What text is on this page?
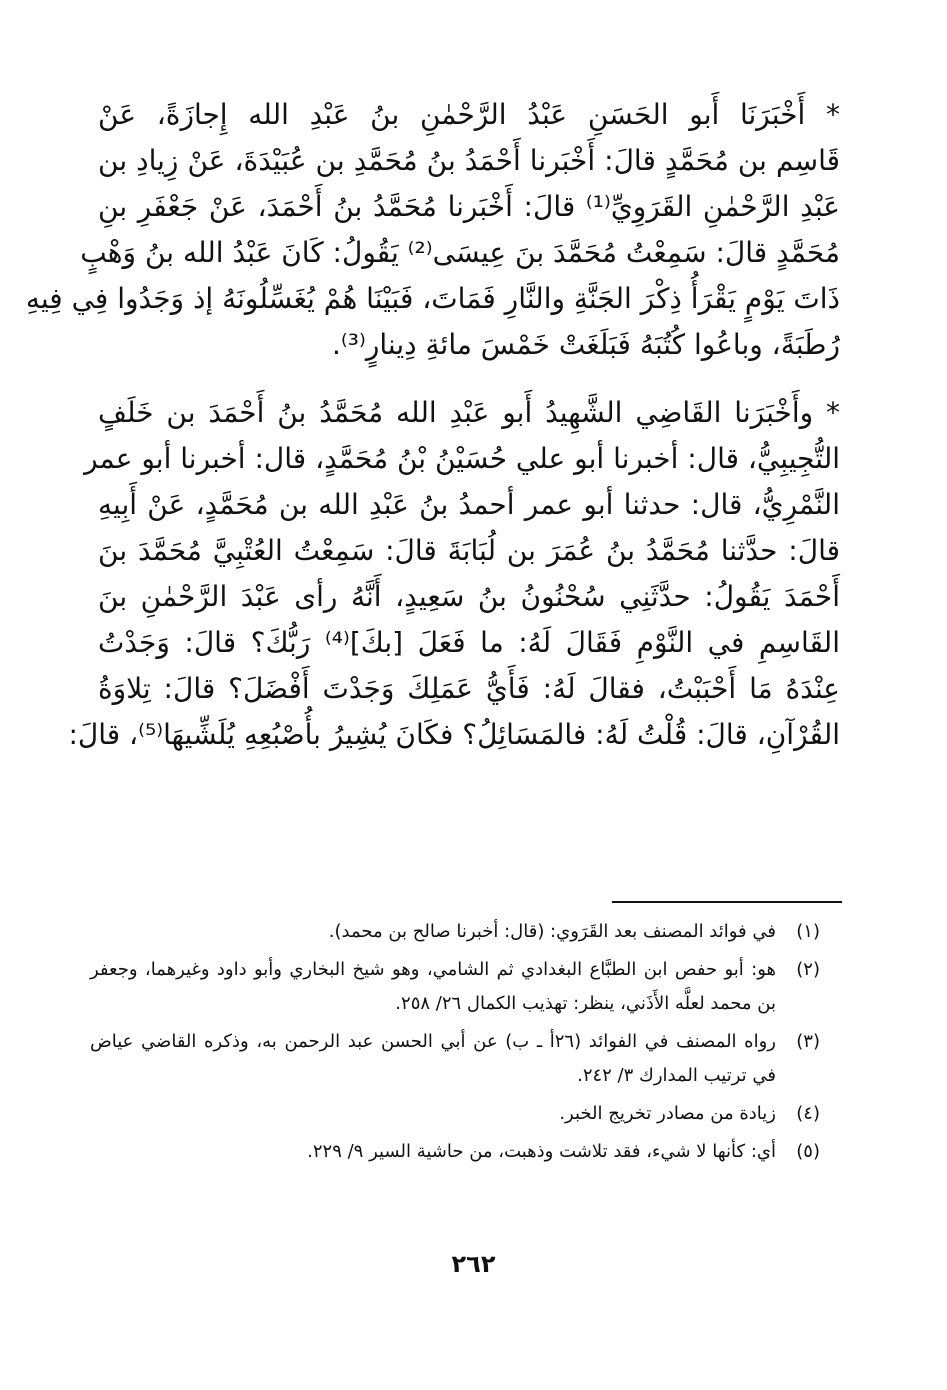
* أَخْبَرَنَا أَبو الحَسَنِ عَبْدُ الرَّحْمٰنِ بنُ عَبْدِ الله إِجازَةً، عَنْ
قَاسِم بن مُحَمَّدٍ قالَ: أَخْبَرنا أَحْمَدُ بنُ مُحَمَّدِ بن عُبَيْدَةَ، عَنْ زِيادِ بن
عَبْدِ الرَّحْمٰنِ القَرَوِيِّ⁽¹⁾ قالَ: أَخْبَرنا مُحَمَّدُ بنُ أَحْمَدَ، عَنْ جَعْفَرِ بنِ
مُحَمَّدٍ قالَ: سَمِعْتُ مُحَمَّدَ بنَ عِيسَى⁽²⁾ يَقُولُ: كَانَ عَبْدُ الله بنُ وَهْبٍ
ذَاتَ يَوْمٍ يَقْرَأُ ذِكْرَ الجَنَّةِ والنَّارِ فَمَاتَ، فَبَيْنَا هُمْ يُغَسِّلُونَهُ إذ وَجَدُوا فِي فِيهِ
رُطَبَةً، وباعُوا كُتُبَهُ فَبَلَغَتْ خَمْسَ مائةِ دِينارٍ⁽³⁾.

* وأَخْبَرَنا القَاضِي الشَّهِيدُ أَبو عَبْدِ الله مُحَمَّدُ بنُ أَحْمَدَ بن خَلَفٍ
التُّجِيبِيُّ، قال: أخبرنا أبو علي حُسَيْنُ بْنُ مُحَمَّدٍ، قال: أخبرنا أبو عمر
النَّمْرِيُّ، قال: حدثنا أبو عمر أحمدُ بنُ عَبْدِ الله بن مُحَمَّدٍ، عَنْ أَبِيهِ
قالَ: حدَّثنا مُحَمَّدُ بنُ عُمَرَ بن لُبَابَةَ قالَ: سَمِعْتُ العُتْبِيَّ مُحَمَّدَ بنَ
أَحْمَدَ يَقُولُ: حدَّثَنِي سُحْنُونُ بنُ سَعِيدٍ، أَنَّهُ رأى عَبْدَ الرَّحْمٰنِ بنَ
القَاسِمِ في النَّوْمِ فَقَالَ لَهُ: ما فَعَلَ [بكَ]⁽⁴⁾ رَبُّكَ؟ قالَ: وَجَدْتُ
عِنْدَهُ مَا أَحْبَبْتُ، فقالَ لَهُ: فَأَيُّ عَمَلِكَ وَجَدْتَ أَفْضَلَ؟ قالَ: تِلاوَةُ
القُرْآنِ، قالَ: قُلْتُ لَهُ: فالمَسَائِلُ؟ فكَانَ يُشِيرُ بأُصْبُعِهِ يُلَشِّيهَا⁽⁵⁾، قالَ:

(١)
في فوائد المصنف بعد القَرَوي: (قال: أخبرنا صالح بن محمد).
(٢)
هو: أبو حفص ابن الطبَّاع البغدادي ثم الشامي، وهو شيخ البخاري وأبو داود وغيرهما، وجعفر بن محمد لعلَّه الأَذَني، ينظر: تهذيب الكمال ٢٦/ ٢٥٨.
(٣)
رواه المصنف في الفوائد (٢٦أ ـ ب) عن أبي الحسن عبد الرحمن به، وذكره القاضي عياض في ترتيب المدارك ٣/ ٢٤٢.
(٤)
زيادة من مصادر تخريج الخبر.
(٥)
أي: كأنها لا شيء، فقد تلاشت وذهبت، من حاشية السير ٩/ ٢٢٩.
٢٦٢
